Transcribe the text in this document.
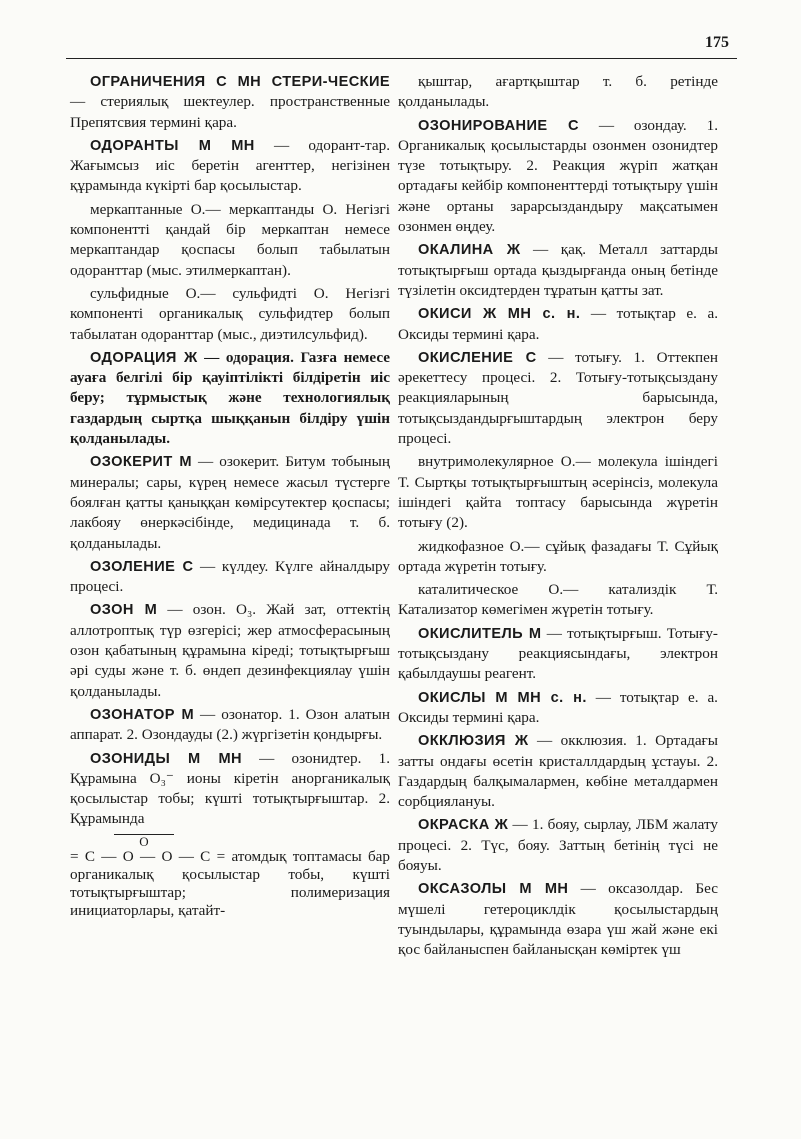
175

ОГРАНИЧЕНИЯ С МН СТЕРИ-ЧЕСКИЕ — стериялық шектеулер. пространственные Препятсвия термині қара.

ОДОРАНТЫ М МН — одорант-тар. Жағымсыз иіс беретін агенттер, негізінен құрамында күкірті бар қосылыстар.

меркаптанные О.— меркаптанды О. Негізгі компонентті қандай бір меркаптан немесе меркаптандар қоспасы болып табылатын одоранттар (мыс. этилмеркаптан).

сульфидные О.— сульфидті О. Негізгі компоненті органикалық сульфидтер болып табылатан одоранттар (мыс., диэтилсульфид).

ОДОРАЦИЯ Ж — одорация. Газға немесе ауаға белгілі бір қауіптілікті білдіретін иіс беру; тұрмыстық және технологиялық газдардың сыртқа шыққанын білдіру үшін қолданылады.

ОЗОКЕРИТ М — озокерит. Битум тобының минералы; сары, күрең немесе жасыл түстерге боялған қатты қаныққан көмірсутектер қоспасы; лакбояу өнеркәсібінде, медицинада т. б. қолданылады.

ОЗОЛЕНИЕ С — күлдеу. Күлге айналдыру процесі.

ОЗОН М — озон. O₃. Жай зат, оттектің аллотроптық түр өзгерісі; жер атмосферасының озон қабатының құрамына кіреді; тотықтырғыш әрі суды және т. б. өндеп дезинфекциялау үшін қолданылады.

ОЗОНАТОР М — озонатор. 1. Озон алатын аппарат. 2. Озондауды (2.) жүргізетін қондырғы.

ОЗОНИДЫ М МН — озонидтер. 1. Құрамына O₃⁻ ионы кіретін анорганикалық қосылыстар тобы; күшті тотықтырғыштар. 2. Құрамында

O
= C — O — O — C = атомдық топтамасы бар органикалық қосылыстар тобы, күшті тотықтырғыштар; полимеризация инициаторлары, қатайт-

қыштар, ағартқыштар т. б. ретінде қолданылады.

ОЗОНИРОВАНИЕ С — озондау. 1. Органикалық қосылыстарды озонмен озонидтер түзе тотықтыру. 2. Реакция жүріп жатқан ортадағы кейбір компоненттерді тотықтыру үшін және ортаны зарарсыздандыру мақсатымен озонмен өңдеу.

ОКАЛИНА Ж — қақ. Металл заттарды тотықтырғыш ортада қыздырғанда оның бетінде түзілетін оксидтерден тұратын қатты зат.

ОКИСИ Ж МН с. н. — тотықтар е. а. Оксиды термині қара.

ОКИСЛЕНИЕ С — тотығу. 1. Оттекпен әрекеттесу процесі. 2. Тотығу-тотықсыздану реакцияларының барысында, тотықсыздандырғыштардың электрон беру процесі.

внутримолекулярное О.— молекула ішіндегі Т. Сыртқы тотықтырғыштың әсерінсіз, молекула ішіндегі қайта топтасу барысында жүретін тотығу (2).

жидкофазное О.— сұйық фазадағы Т. Сұйық ортада жүретін тотығу.

каталитическое О.— катализдік Т. Катализатор көмегімен жүретін тотығу.

ОКИСЛИТЕЛЬ М — тотықтырғыш. Тотығу-тотықсыздану реакциясындағы, электрон қабылдаушы реагент.

ОКИСЛЫ М МН с. н. — тотықтар е. а. Оксиды термині қара.

ОККЛЮЗИЯ Ж — окклюзия. 1. Ортадағы затты ондағы өсетін кристаллдардың ұстауы. 2. Газдардың балқымалармен, көбіне металдармен сорбциялануы.

ОКРАСКА Ж — 1. бояу, сырлау, ЛБМ жалату процесі. 2. Түс, бояу. Заттың бетінің түсі не бояуы.

ОКСАЗОЛЫ М МН — оксазолдар. Бес мүшелі гетероциклдік қосылыстардың туындылары, құрамында өзара үш жай және екі қос байланыспен байланысқан көміртек үш
